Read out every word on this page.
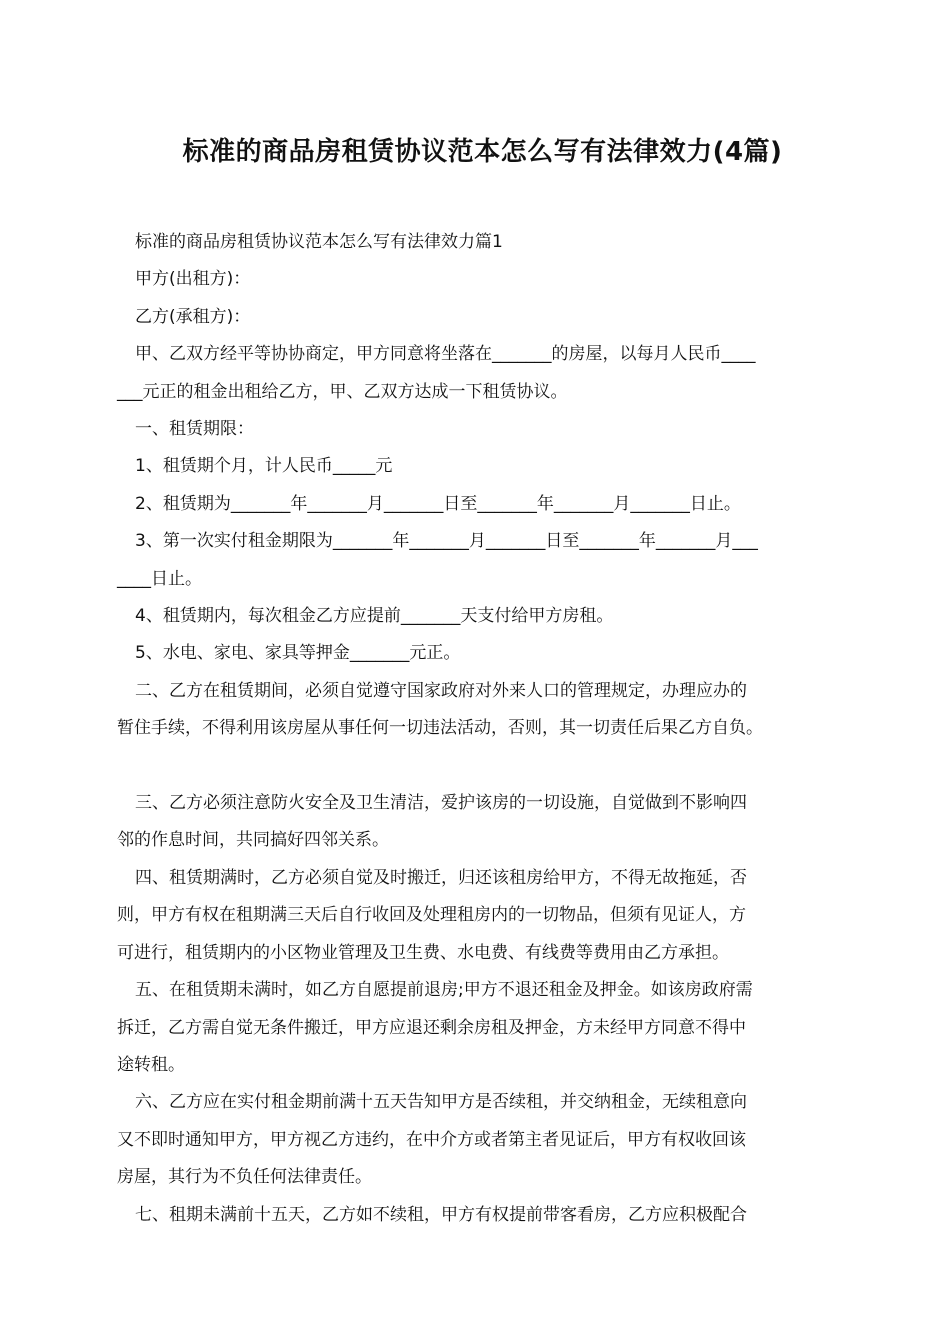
标准的商品房租赁协议范本怎么写有法律效力(4篇)

标准的商品房租赁协议范本怎么写有法律效力篇1

甲方(出租方)：

乙方(承租方)：

甲、乙双方经平等协协商定，甲方同意将坐落在_______的房屋，以每月人民币____

___元正的租金出租给乙方，甲、乙双方达成一下租赁协议。

一、租赁期限：

1、租赁期个月，计人民币_____元

2、租赁期为_______年_______月_______日至_______年_______月_______日止。

3、第一次实付租金期限为_______年_______月_______日至_______年_______月___

____日止。

4、租赁期内，每次租金乙方应提前_______天支付给甲方房租。

5、水电、家电、家具等押金_______元正。

二、乙方在租赁期间，必须自觉遵守国家政府对外来人口的管理规定，办理应办的

暂住手续，不得利用该房屋从事任何一切违法活动，否则，其一切责任后果乙方自负。

三、乙方必须注意防火安全及卫生清洁，爱护该房的一切设施，自觉做到不影响四

邻的作息时间，共同搞好四邻关系。

四、租赁期满时，乙方必须自觉及时搬迁，归还该租房给甲方，不得无故拖延，否

则，甲方有权在租期满三天后自行收回及处理租房内的一切物品，但须有见证人，方

可进行，租赁期内的小区物业管理及卫生费、水电费、有线费等费用由乙方承担。

五、在租赁期未满时，如乙方自愿提前退房;甲方不退还租金及押金。如该房政府需

拆迁，乙方需自觉无条件搬迁，甲方应退还剩余房租及押金，方未经甲方同意不得中

途转租。

六、乙方应在实付租金期前满十五天告知甲方是否续租，并交纳租金，无续租意向

又不即时通知甲方，甲方视乙方违约，在中介方或者第主者见证后，甲方有权收回该

房屋，其行为不负任何法律责任。

七、租期未满前十五天，乙方如不续租，甲方有权提前带客看房，乙方应积极配合
